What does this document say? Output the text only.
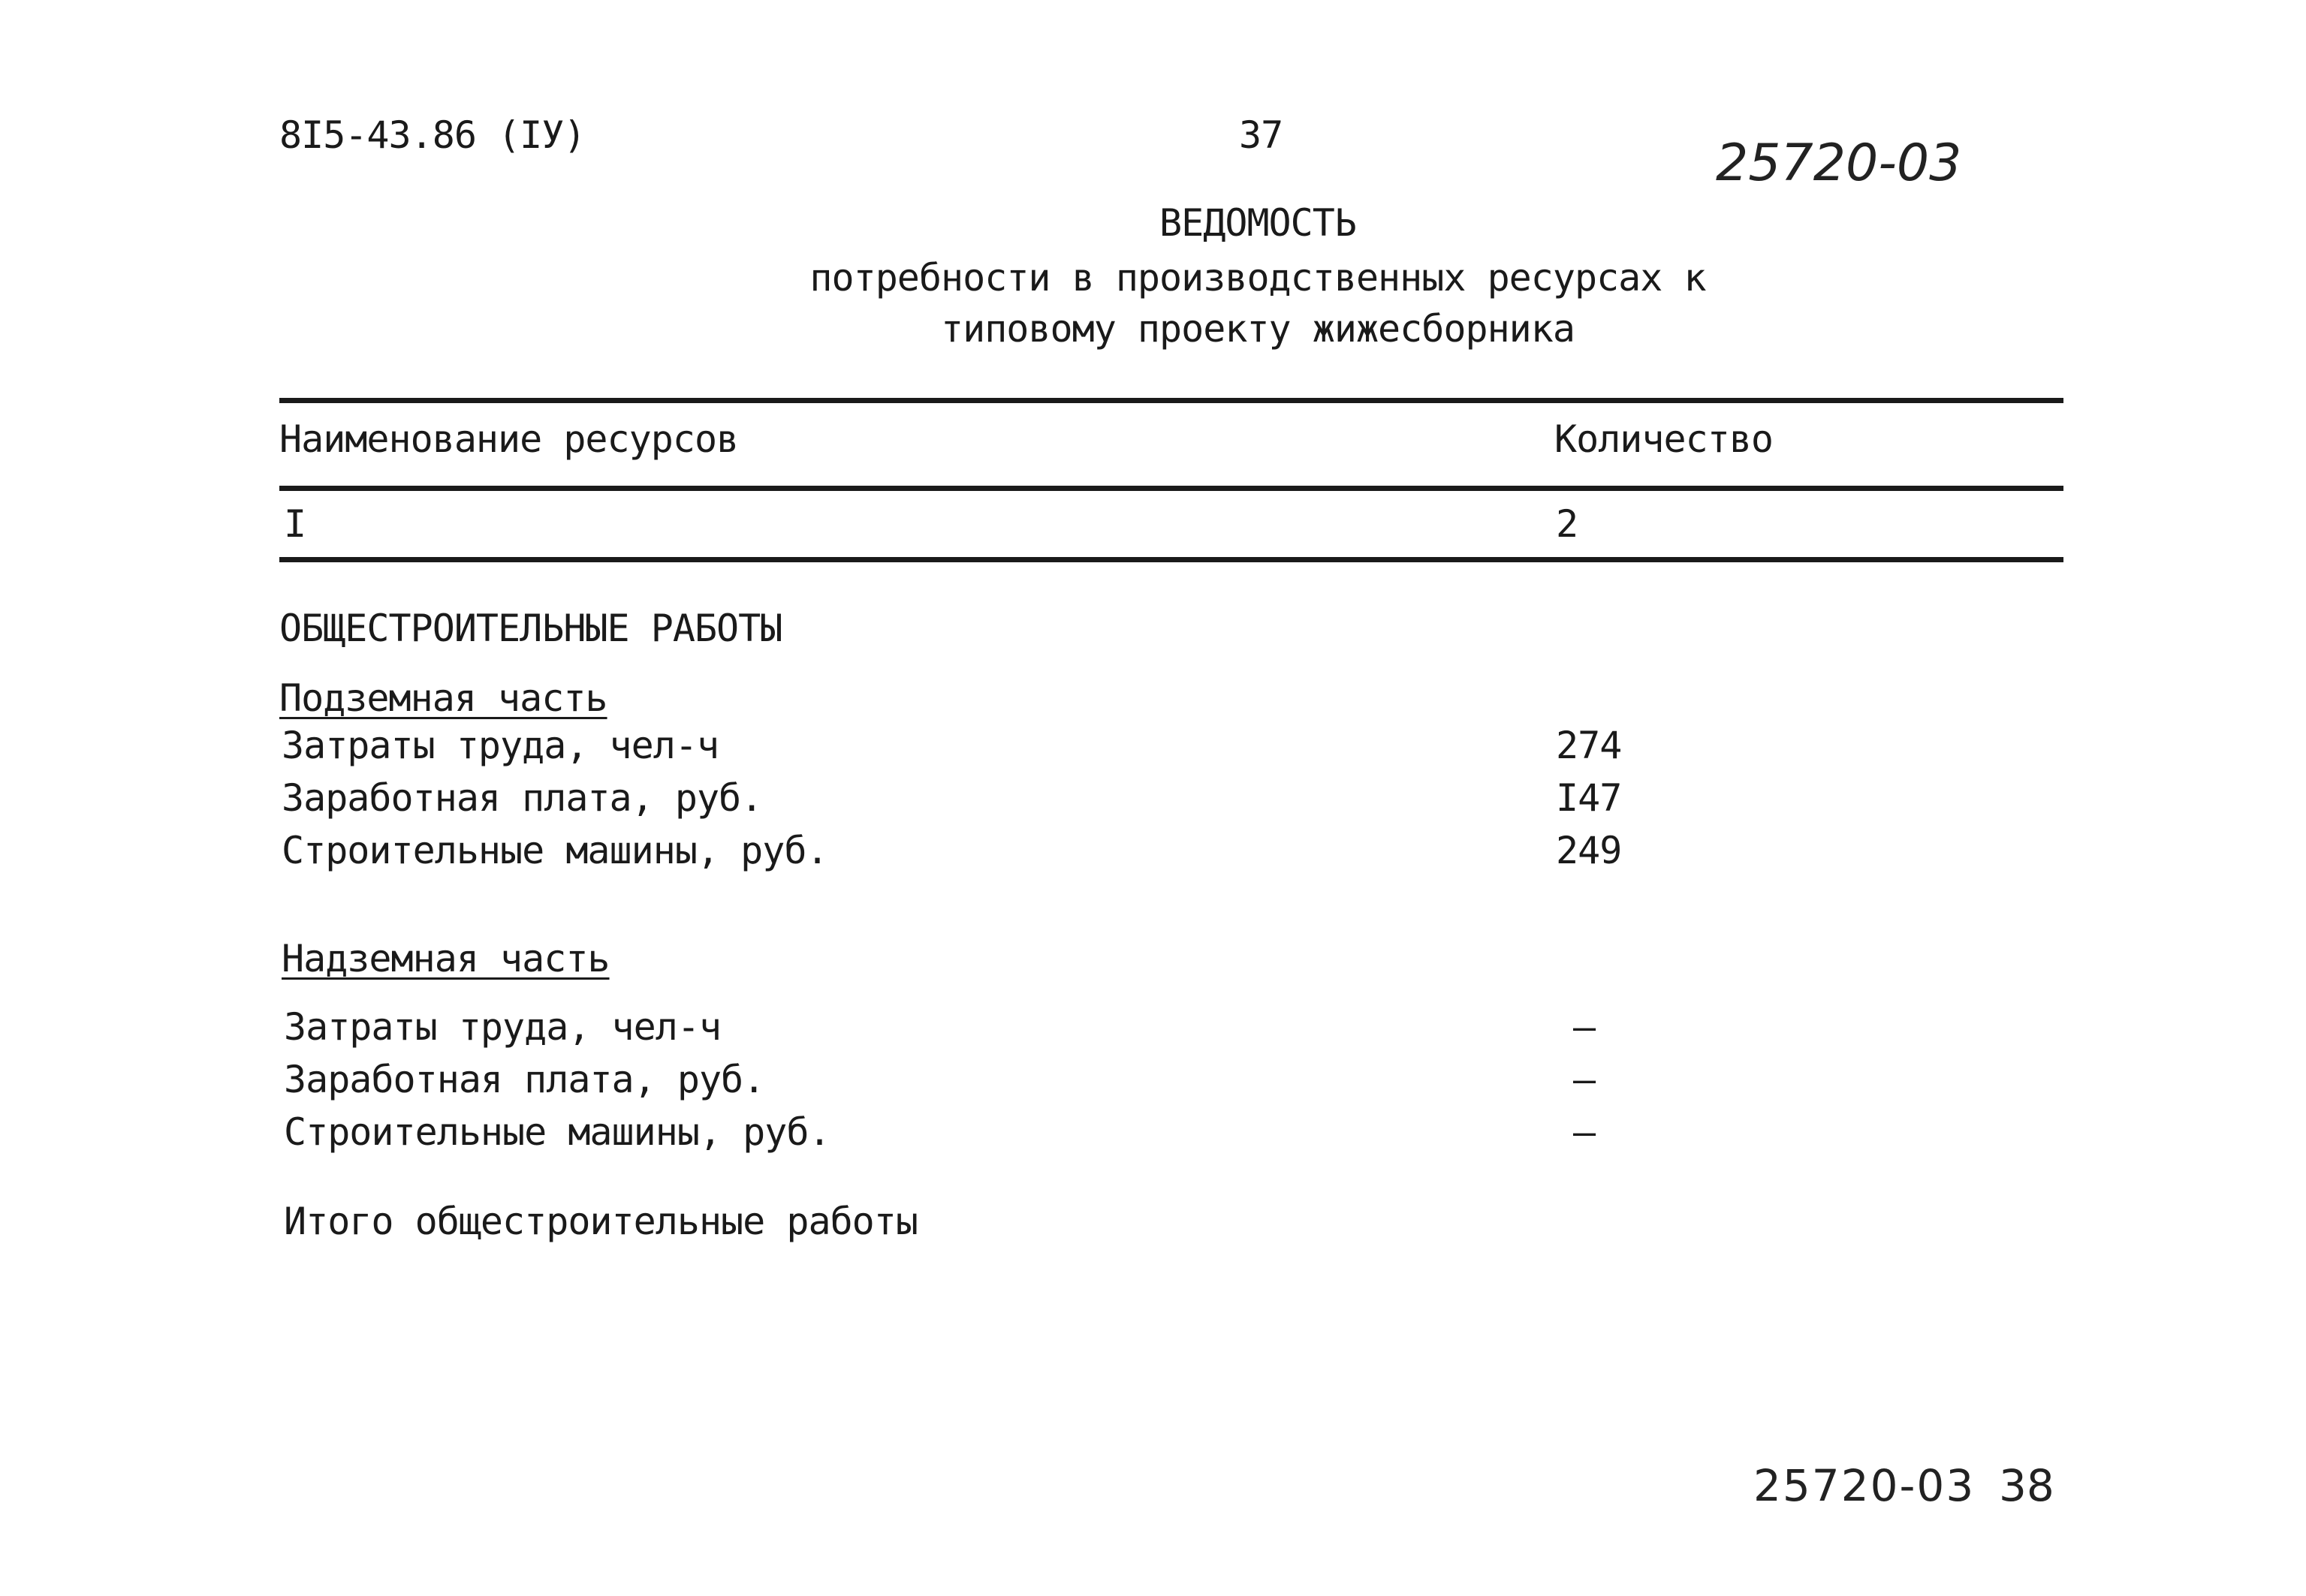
8I5-43.86 (IУ)	37	25720-03
ВЕДОМОСТЬ
потребности в производственных ресурсах к
типовому проекту жижесборника
Наименование ресурсов	Количество
I	2
ОБЩЕСТРОИТЕЛЬНЫЕ РАБОТЫ
Подземная часть
Затраты труда, чел-ч	274
Заработная плата, руб.	I47
Строительные машины, руб.	249
Надземная часть
Затраты труда, чел-ч	–
Заработная плата, руб.	–
Строительные машины, руб.	–
Итого общестроительные работы
25720-03 38
